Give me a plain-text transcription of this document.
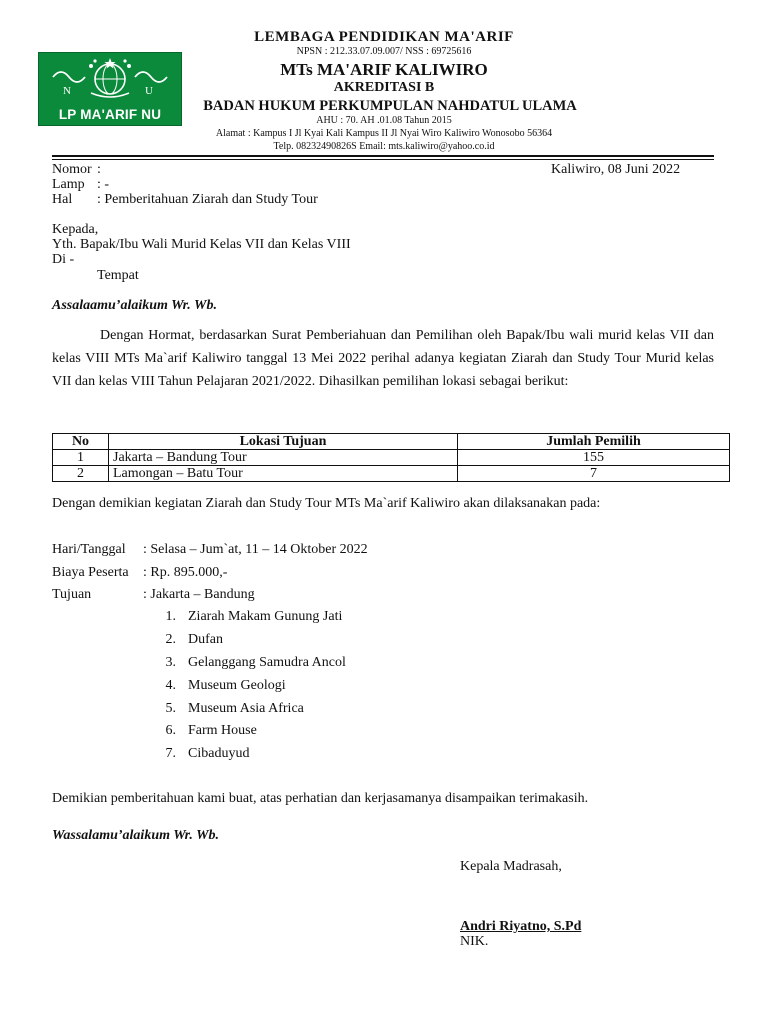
N	U
LP MA'ARIF NU
LEMBAGA PENDIDIKAN MA'ARIF
NPSN : 212.33.07.09.007/ NSS : 69725616
MTs MA'ARIF KALIWIRO
AKREDITASI B
BADAN HUKUM PERKUMPULAN NAHDATUL ULAMA
AHU : 70. AH .01.08 Tahun 2015
Alamat : Kampus I Jl Kyai Kali Kampus II Jl Nyai Wiro Kaliwiro Wonosobo 56364
Telp. 08232490826S Email: mts.kaliwiro@yahoo.co.id
Nomor :	Kaliwiro, 08 Juni 2022
Lamp : -
Hal : Pemberitahuan Ziarah dan Study Tour
Kepada,
Yth. Bapak/Ibu Wali Murid Kelas VII dan Kelas VIII
Di -
Tempat
Assalaamu’alaikum Wr. Wb.
Dengan Hormat, berdasarkan Surat Pemberiahuan dan Pemilihan oleh Bapak/Ibu wali murid kelas VII dan kelas VIII MTs Ma`arif Kaliwiro tanggal 13 Mei 2022 perihal adanya kegiatan Ziarah dan Study Tour Murid kelas VII dan kelas VIII Tahun Pelajaran 2021/2022. Dihasilkan pemilihan lokasi sebagai berikut:
No	Lokasi Tujuan	Jumlah Pemilih
1	Jakarta – Bandung Tour	155
2	Lamongan – Batu Tour	7
Dengan demikian kegiatan Ziarah dan Study Tour MTs Ma`arif Kaliwiro akan dilaksanakan pada:
Hari/Tanggal : Selasa – Jum`at, 11 – 14 Oktober 2022
Biaya Peserta : Rp. 895.000,-
Tujuan	: Jakarta – Bandung
1. Ziarah Makam Gunung Jati
2. Dufan
3. Gelanggang Samudra Ancol
4. Museum Geologi
5. Museum Asia Africa
6. Farm House
7. Cibaduyud
Demikian pemberitahuan kami buat, atas perhatian dan kerjasamanya disampaikan terimakasih.
Wassalamu’alaikum Wr. Wb.
Kepala Madrasah,
Andri Riyatno, S.Pd
NIK.
